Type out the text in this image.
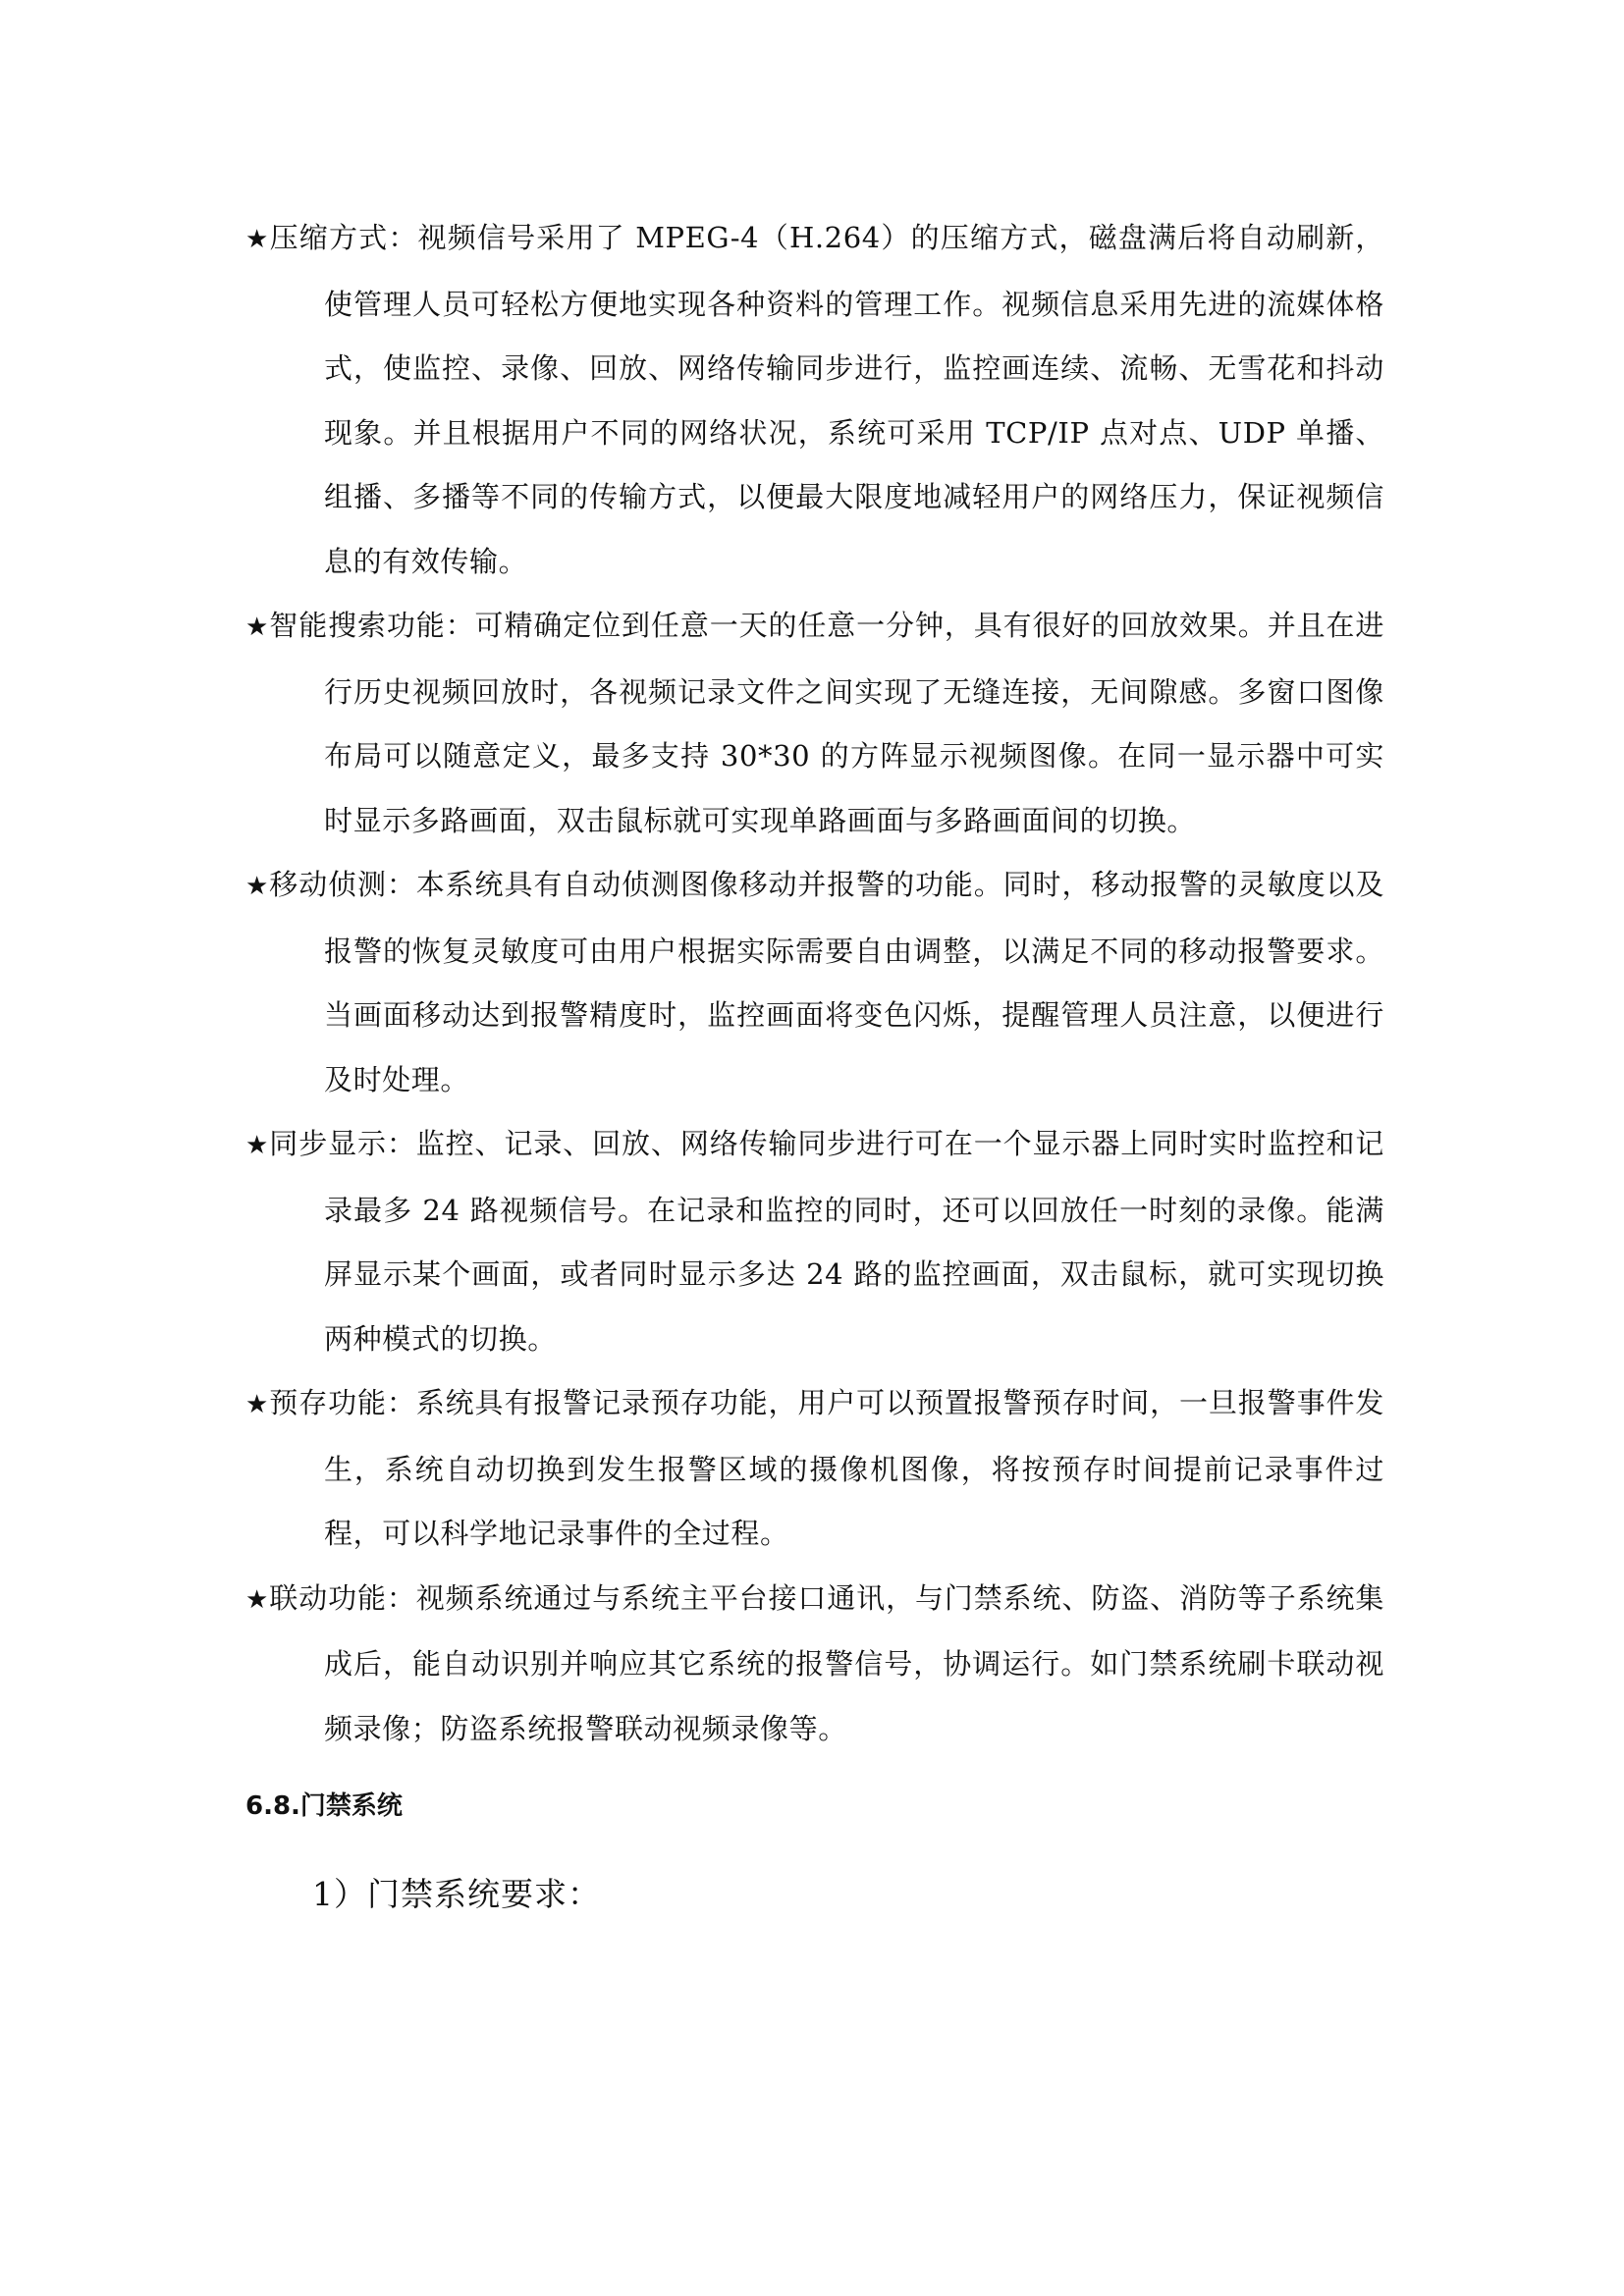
★压缩方式：视频信号采用了 MPEG-4（H.264）的压缩方式，磁盘满后将自动刷新，使管理人员可轻松方便地实现各种资料的管理工作。视频信息采用先进的流媒体格式，使监控、录像、回放、网络传输同步进行，监控画连续、流畅、无雪花和抖动现象。并且根据用户不同的网络状况，系统可采用 TCP/IP 点对点、UDP 单播、组播、多播等不同的传输方式，以便最大限度地减轻用户的网络压力，保证视频信息的有效传输。

★智能搜索功能：可精确定位到任意一天的任意一分钟，具有很好的回放效果。并且在进行历史视频回放时，各视频记录文件之间实现了无缝连接，无间隙感。多窗口图像布局可以随意定义，最多支持 30*30 的方阵显示视频图像。在同一显示器中可实时显示多路画面，双击鼠标就可实现单路画面与多路画面间的切换。

★移动侦测：本系统具有自动侦测图像移动并报警的功能。同时，移动报警的灵敏度以及报警的恢复灵敏度可由用户根据实际需要自由调整，以满足不同的移动报警要求。当画面移动达到报警精度时，监控画面将变色闪烁，提醒管理人员注意，以便进行及时处理。

★同步显示：监控、记录、回放、网络传输同步进行可在一个显示器上同时实时监控和记录最多 24 路视频信号。在记录和监控的同时，还可以回放任一时刻的录像。能满屏显示某个画面，或者同时显示多达 24 路的监控画面，双击鼠标，就可实现切换两种模式的切换。

★预存功能：系统具有报警记录预存功能，用户可以预置报警预存时间，一旦报警事件发生，系统自动切换到发生报警区域的摄像机图像，将按预存时间提前记录事件过程，可以科学地记录事件的全过程。

★联动功能：视频系统通过与系统主平台接口通讯，与门禁系统、防盗、消防等子系统集成后，能自动识别并响应其它系统的报警信号，协调运行。如门禁系统刷卡联动视频录像；防盗系统报警联动视频录像等。

6.8.门禁系统

1）门禁系统要求：
